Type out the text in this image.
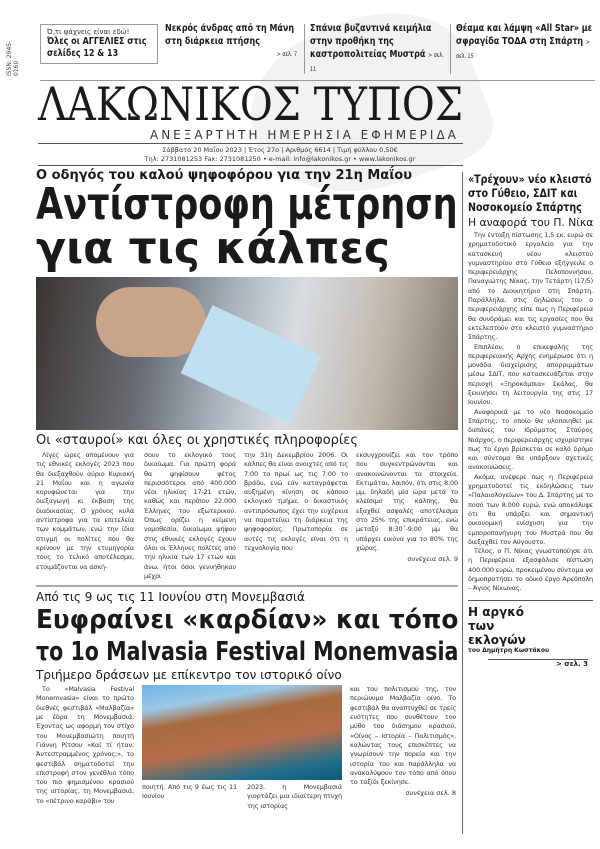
ISSN: 2945-0160
Ό,τι ψάχνεις είναι εδώ!
Όλες οι ΑΓΓΕΛΙΕΣ στις σελίδες 12 & 13
Νεκρός άνδρας από τη Μάνη στη διάρκεια πτήσης
> σελ. 7
Σπάνια βυζαντινά κειμήλια στην προθήκη της καστροπολιτείας Μυστρά > σελ. 11
Θέαμα και λάμψη «All Star» με σφραγίδα ΤΟΔΑ στη Σπάρτη > σελ. 15
ΛΑΚΩΝΙΚΟΣ ΤΥΠΟΣ
ΑΝΕΞΑΡΤΗΤΗ ΗΜΕΡΗΣΙΑ ΕΦΗΜΕΡΙΔΑ
Σάββατο 20 Μαΐου 2023 | Έτος 27ο | Αριθμός 6614 | Τιμή φύλλου 0,50€
Τηλ: 2731081253 Fax: 2731081250 • e-mail: info@lakonikos.gr • www.lakonikos.gr
Ο οδηγός του καλού ψηφοφόρου για την 21η Μαΐου
Αντίστροφη μέτρηση
για τις κάλπες
Οι «σταυροί» και όλες οι χρηστικές πληροφορίες
Λίγες ώρες απομένουν για τις εθνικές εκλογές 2023 που θα διεξαχθούν αύριο Κυριακή 21 Μαΐου και η αγωνία κορυφώνεται για την διεξαγωγή κι έκβαση της διαδικασίας. Ο χρόνος κυλά αντίστροφα για τα επιτελεία των κομμάτων, ενώ την ίδια στιγμή οι πολίτες που θα κρίνουν με την ετυμηγορία τους το τελικό αποτέλεσμα, ετοιμάζονται να ασκή-
σουν το εκλογικό τους δικαίωμα. Για πρώτη φορά θα ψηφίσουν φέτος περισσότεροι από 400.000 νέοι ηλικίας 17-21 ετών, καθώς και περίπου 22.000 Έλληνες του εξωτερικού. Όπως ορίζει η κείμενη νομοθεσία, δικαίωμα ψήφου στις εθνικές εκλογές έχουν όλοι οι Έλληνες πολίτες από την ηλικία των 17 ετών και άνω, ήτοι όσοι γεννήθηκαν μέχρι
την 31η Δεκεμβρίου 2006. Οι κάλπες θα είναι ανοιχτές από τις 7:00 το πρωί ως τις 7:00 το βράδυ, ενώ εάν καταγράφεται αυξημένη κίνηση σε κάποιο εκλογικό τμήμα, ο δικαστικός αντιπρόσωπος έχει την ευχέρεια να παρατείνει τη διάρκεια της ψηφοφορίας. Πρωτοπορία σε αυτές τις εκλογές είναι ότι η τεχνολογία που
εκσυγχρονίζει και τον τρόπο που συγκεντρώνονται και ανακοινώνονται τα στοιχεία. Εκτιμάται, λοιπόν, ότι στις 8:00 μμ, δηλαδή μία ώρα μετά το κλείσιμο της κάλπης, θα εξαχθεί ασφαλές αποτέλεσμα στο 25% της επικράτειας, ενώ μεταξύ 8:30΄-9:00 μμ θα υπάρχει εικόνα για το 80% της χώρας.
συνέχεια σελ. 9
Από τις 9 ως τις 11 Ιουνίου στη Μονεμβασιά
Ευφραίνει «καρδίαν» και τόπο
το 1ο Malvasia Festival Monemvasia
Τριήμερο δράσεων με επίκεντρο τον ιστορικό οίνο
Το «Malvasia Festival Monemvasia» είναι το πρώτο διεθνές φεστιβάλ «Μαλβαζία» με έδρα τη Μονεμβασιά. Έχοντας ως αφορμή τον στίχο του Μονεμβασιώτη ποιητή Γιάννη Ρίτσου «Καί τί ήταν; Άντεστραμμένος χρόνος;», το φεστιβάλ σηματοδοτεί την επιστροφή στον γενέθλιο τόπο του πιο φημισμένου κρασιού της ιστορίας, τη Μονεμβασιά, το «πέτρινο καράβι» του
ποιητή. Από τις 9 έως τις 11 Ιουνίου
2023, η Μονεμβασιά γιορτάζει μια ιδιαίτερη πτυχή της ιστορίας
και του πολιτισμού της, τον περιώνυμο Μαλβαζία οίνο. Το φεστιβάλ θα αναπτυχθεί σε τρείς ενότητες που συνθέτουν τον μύθο του διάσημου κρασιού, «Οίνος – Ιστορία – Πολιτισμός», καλώντας τους επισκέπτες να γνωρίσουν την πορεία και την ιστορία του και παράλληλα να ανακαλύψουν τον τόπο από όπου το ταξίδι ξεκίνησε.
συνέχεια σελ. 8
«Τρέχουν» νέο κλειστό στο Γύθειο, ΣΔΙΤ και Νοσοκομείο Σπάρτης
Η αναφορά του Π. Νίκα

Την ένταξη πίστωσης 1,5 εκ. ευρώ σε χρηματοδοτικό εργαλείο για την κατασκευή νέου κλειστού γυμναστηρίου στο Γύθειο εξήγγειλε ο περιφερειάρχης Πελοποννήσου, Παναγιώτης Νίκας, την Τετάρτη (17/5) από το Διοικητήριο στη Σπάρτη. Παράλληλα, στις δηλώσεις του ο περιφερειάρχης είπε πως η Περιφέρεια θα συνδράμει και τις εργασίες που θα εκτελεστούν στο κλειστό γυμναστήριο Σπάρτης.

Επιπλέον, ο επικεφαλής της περιφερειακής Αρχής ενημέρωσε ότι η μονάδα διαχείρισης απορριμμάτων μέσω ΣΔΙΤ, που κατασκευάζεται στην περιοχή «Ξηροκάμπια» Σκάλας, θα ξεκινήσει τη λειτουργία της στις 17 Ιουνίου.

Αναφορικά με το νέο Νοσοκομείο Σπάρτης, το οποίο θα υλοποιηθεί με δαπάνες του Ιδρύματος Σταύρος Νιάρχος, ο περιφερειάρχης ισχυρίστηκε πως το έργο βρίσκεται σε καλό δρόμο και σύντομα θα υπάρξουν σχετικές ανακοινώσεις.

Ακόμα, ανέφερε πως η Περιφέρεια χρηματοδοτεί τις εκδηλώσεις των «Παλαιολογείων» του Δ. Σπάρτης με το ποσό των 8.000 ευρώ, ενώ αποκάλυψε ότι θα υπάρξει και σημαντική οικονομική ενίσχυση για την εμποροπανήγυρη του Μυστρά που θα διεξαχθεί τον Αύγουστο.

Τέλος, ο Π. Νίκας γνωστοποίησε ότι η Περιφέρεια εξασφάλισε πίστωση 400.000 ευρώ, προκειμένου σύντομα να δημοπρατήσει το οδικό έργο Αρεόπολη – Άγιος Νίκωνας.

Η αργκό των εκλογών
του Δημήτρη Κωστάκου
> σελ. 3
